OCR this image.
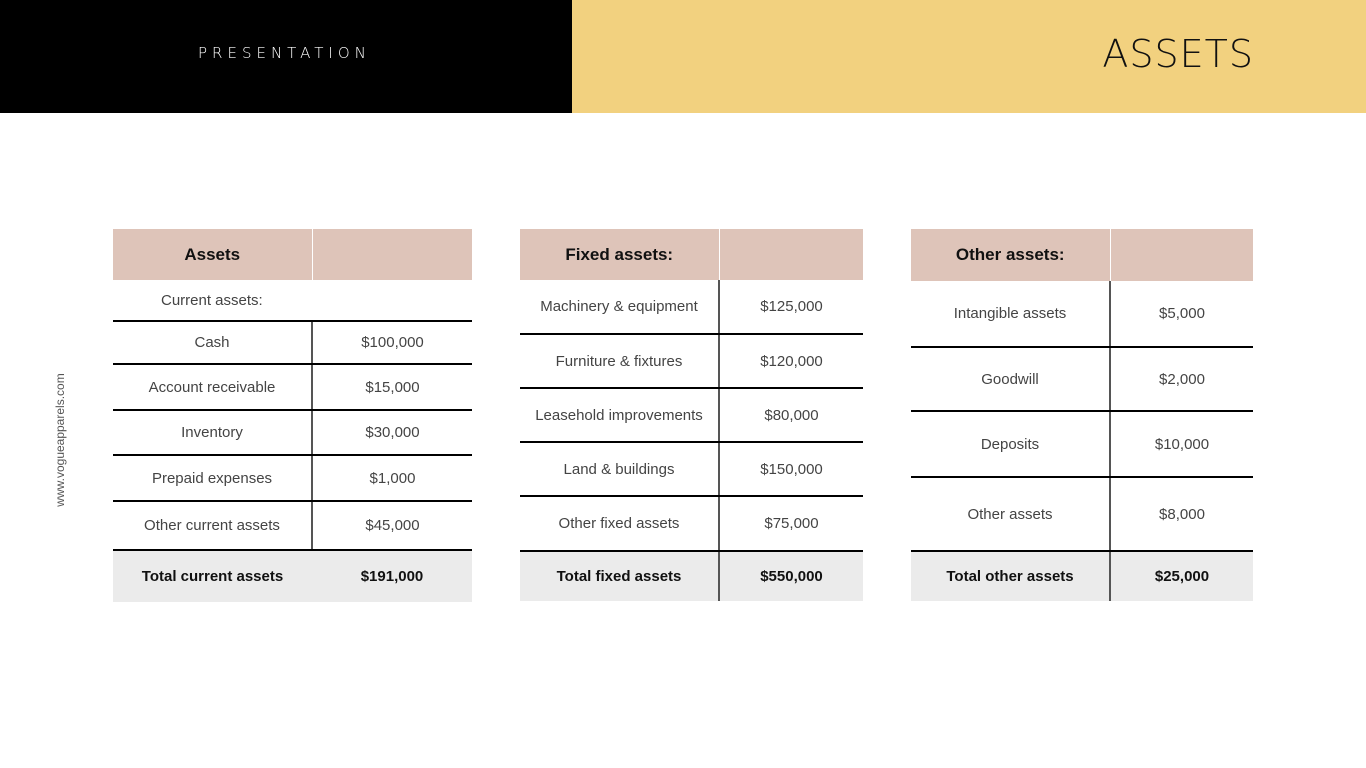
PRESENTATION	ASSETS
www.vogueapparels.com
Assets	
Current assets:	
Cash	$100,000
Account receivable	$15,000
Inventory	$30,000
Prepaid expenses	$1,000
Other current assets	$45,000
Total current assets	$191,000
Fixed assets:	
Machinery & equipment	$125,000
Furniture & fixtures	$120,000
Leasehold improvements	$80,000
Land & buildings	$150,000
Other fixed assets	$75,000
Total fixed assets	$550,000
Other assets:	
Intangible assets	$5,000
Goodwill	$2,000
Deposits	$10,000
Other assets	$8,000
Total other assets	$25,000
